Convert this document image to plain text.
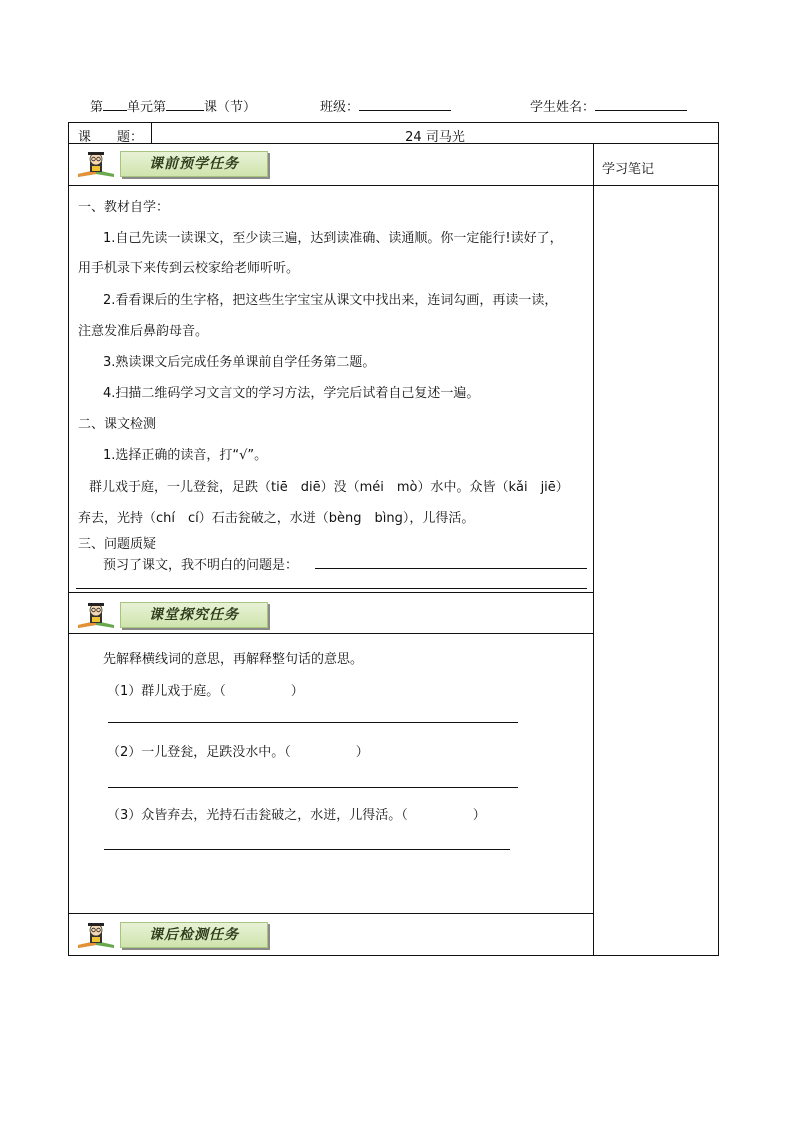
第 单元第	课（节）	班级：	学生姓名：
课　　题：	24 司马光
学习笔记
课前预学任务
一、教材自学：
1.自己先读一读课文，至少读三遍，达到读准确、读通顺。你一定能行!读好了，
用手机录下来传到云校家给老师听听。
2.看看课后的生字格，把这些生字宝宝从课文中找出来，连词勾画，再读一读，
注意发准后鼻韵母音。
3.熟读课文后完成任务单课前自学任务第二题。
4.扫描二维码学习文言文的学习方法，学完后试着自己复述一遍。
二、课文检测
1.选择正确的读音，打“√”。
群儿戏于庭，一儿登瓮，足跌（tiē　diē）没（méi　mò）水中。众皆（kǎi　jiē）
弃去，光持（chí　cí）石击瓮破之，水迸（bèng　bìng），儿得活。
三、问题质疑
预习了课文，我不明白的问题是：
课堂探究任务
先解释横线词的意思，再解释整句话的意思。
（1）群儿戏于庭。（　　　　　）
（2）一儿登瓮，足跌没水中。（　　　　　）
（3）众皆弃去，光持石击瓮破之，水迸，儿得活。（　　　　　）
课后检测任务
